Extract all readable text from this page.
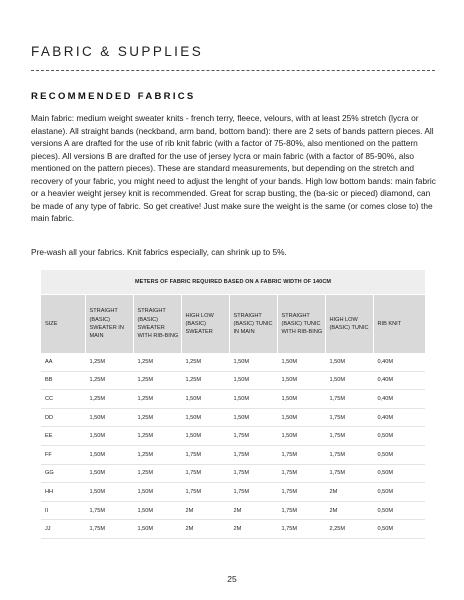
FABRIC & SUPPLIES
RECOMMENDED FABRICS

Main fabric: medium weight sweater knits - french terry, fleece, velours, with at least 25% stretch (lycra or elastane). All straight bands (neckband, arm band, bottom band): there are 2 sets of bands pattern pieces. All versions A are drafted for the use of rib knit fabric (with a factor of 75-80%, also mentioned on the pattern pieces). All versions B are drafted for the use of jersey lycra or main fabric (with a factor of 85-90%, also mentioned on the pattern pieces). These are standard measurements, but depending on the stretch and recovery of your fabric, you might need to adjust the lenght of your bands. High low bottom bands: main fabric or a heavier weight jersey knit is recommended. Great for scrap busting, the (ba-sic or pieced) diamond, can be made of any type of fabric. So get creative! Just make sure the weight is the same (or comes close to) the main fabric.

Pre-wash all your fabrics. Knit fabrics especially, can shrink up to 5%.

METERS OF FABRIC REQUIRED BASED ON A FABRIC WIDTH OF 140CM							
SIZE	STRAIGHT (BASIC) SWEATER IN MAIN	STRAIGHT (BASIC) SWEATER WITH RIB-BING	HIGH LOW (BASIC) SWEATER	STRAIGHT (BASIC) TUNIC IN MAIN	STRAIGHT (BASIC) TUNIC WITH RIB-BING	HIGH LOW (BASIC) TUNIC	RIB KNIT
AA	1,25M	1,25M	1,25M	1,50M	1,50M	1,50M	0,40M
BB	1,25M	1,25M	1,25M	1,50M	1,50M	1,50M	0,40M
CC	1,25M	1,25M	1,50M	1,50M	1,50M	1,75M	0,40M
DD	1,50M	1,25M	1,50M	1,50M	1,50M	1,75M	0,40M
EE	1,50M	1,25M	1,50M	1,75M	1,50M	1,75M	0,50M
FF	1,50M	1,25M	1,75M	1,75M	1,75M	1,75M	0,50M
GG	1,50M	1,25M	1,75M	1,75M	1,75M	1,75M	0,50M
HH	1,50M	1,50M	1,75M	1,75M	1,75M	2M	0,50M
II	1,75M	1,50M	2M	2M	1,75M	2M	0,50M
JJ	1,75M	1,50M	2M	2M	1,75M	2,25M	0,50M
25
